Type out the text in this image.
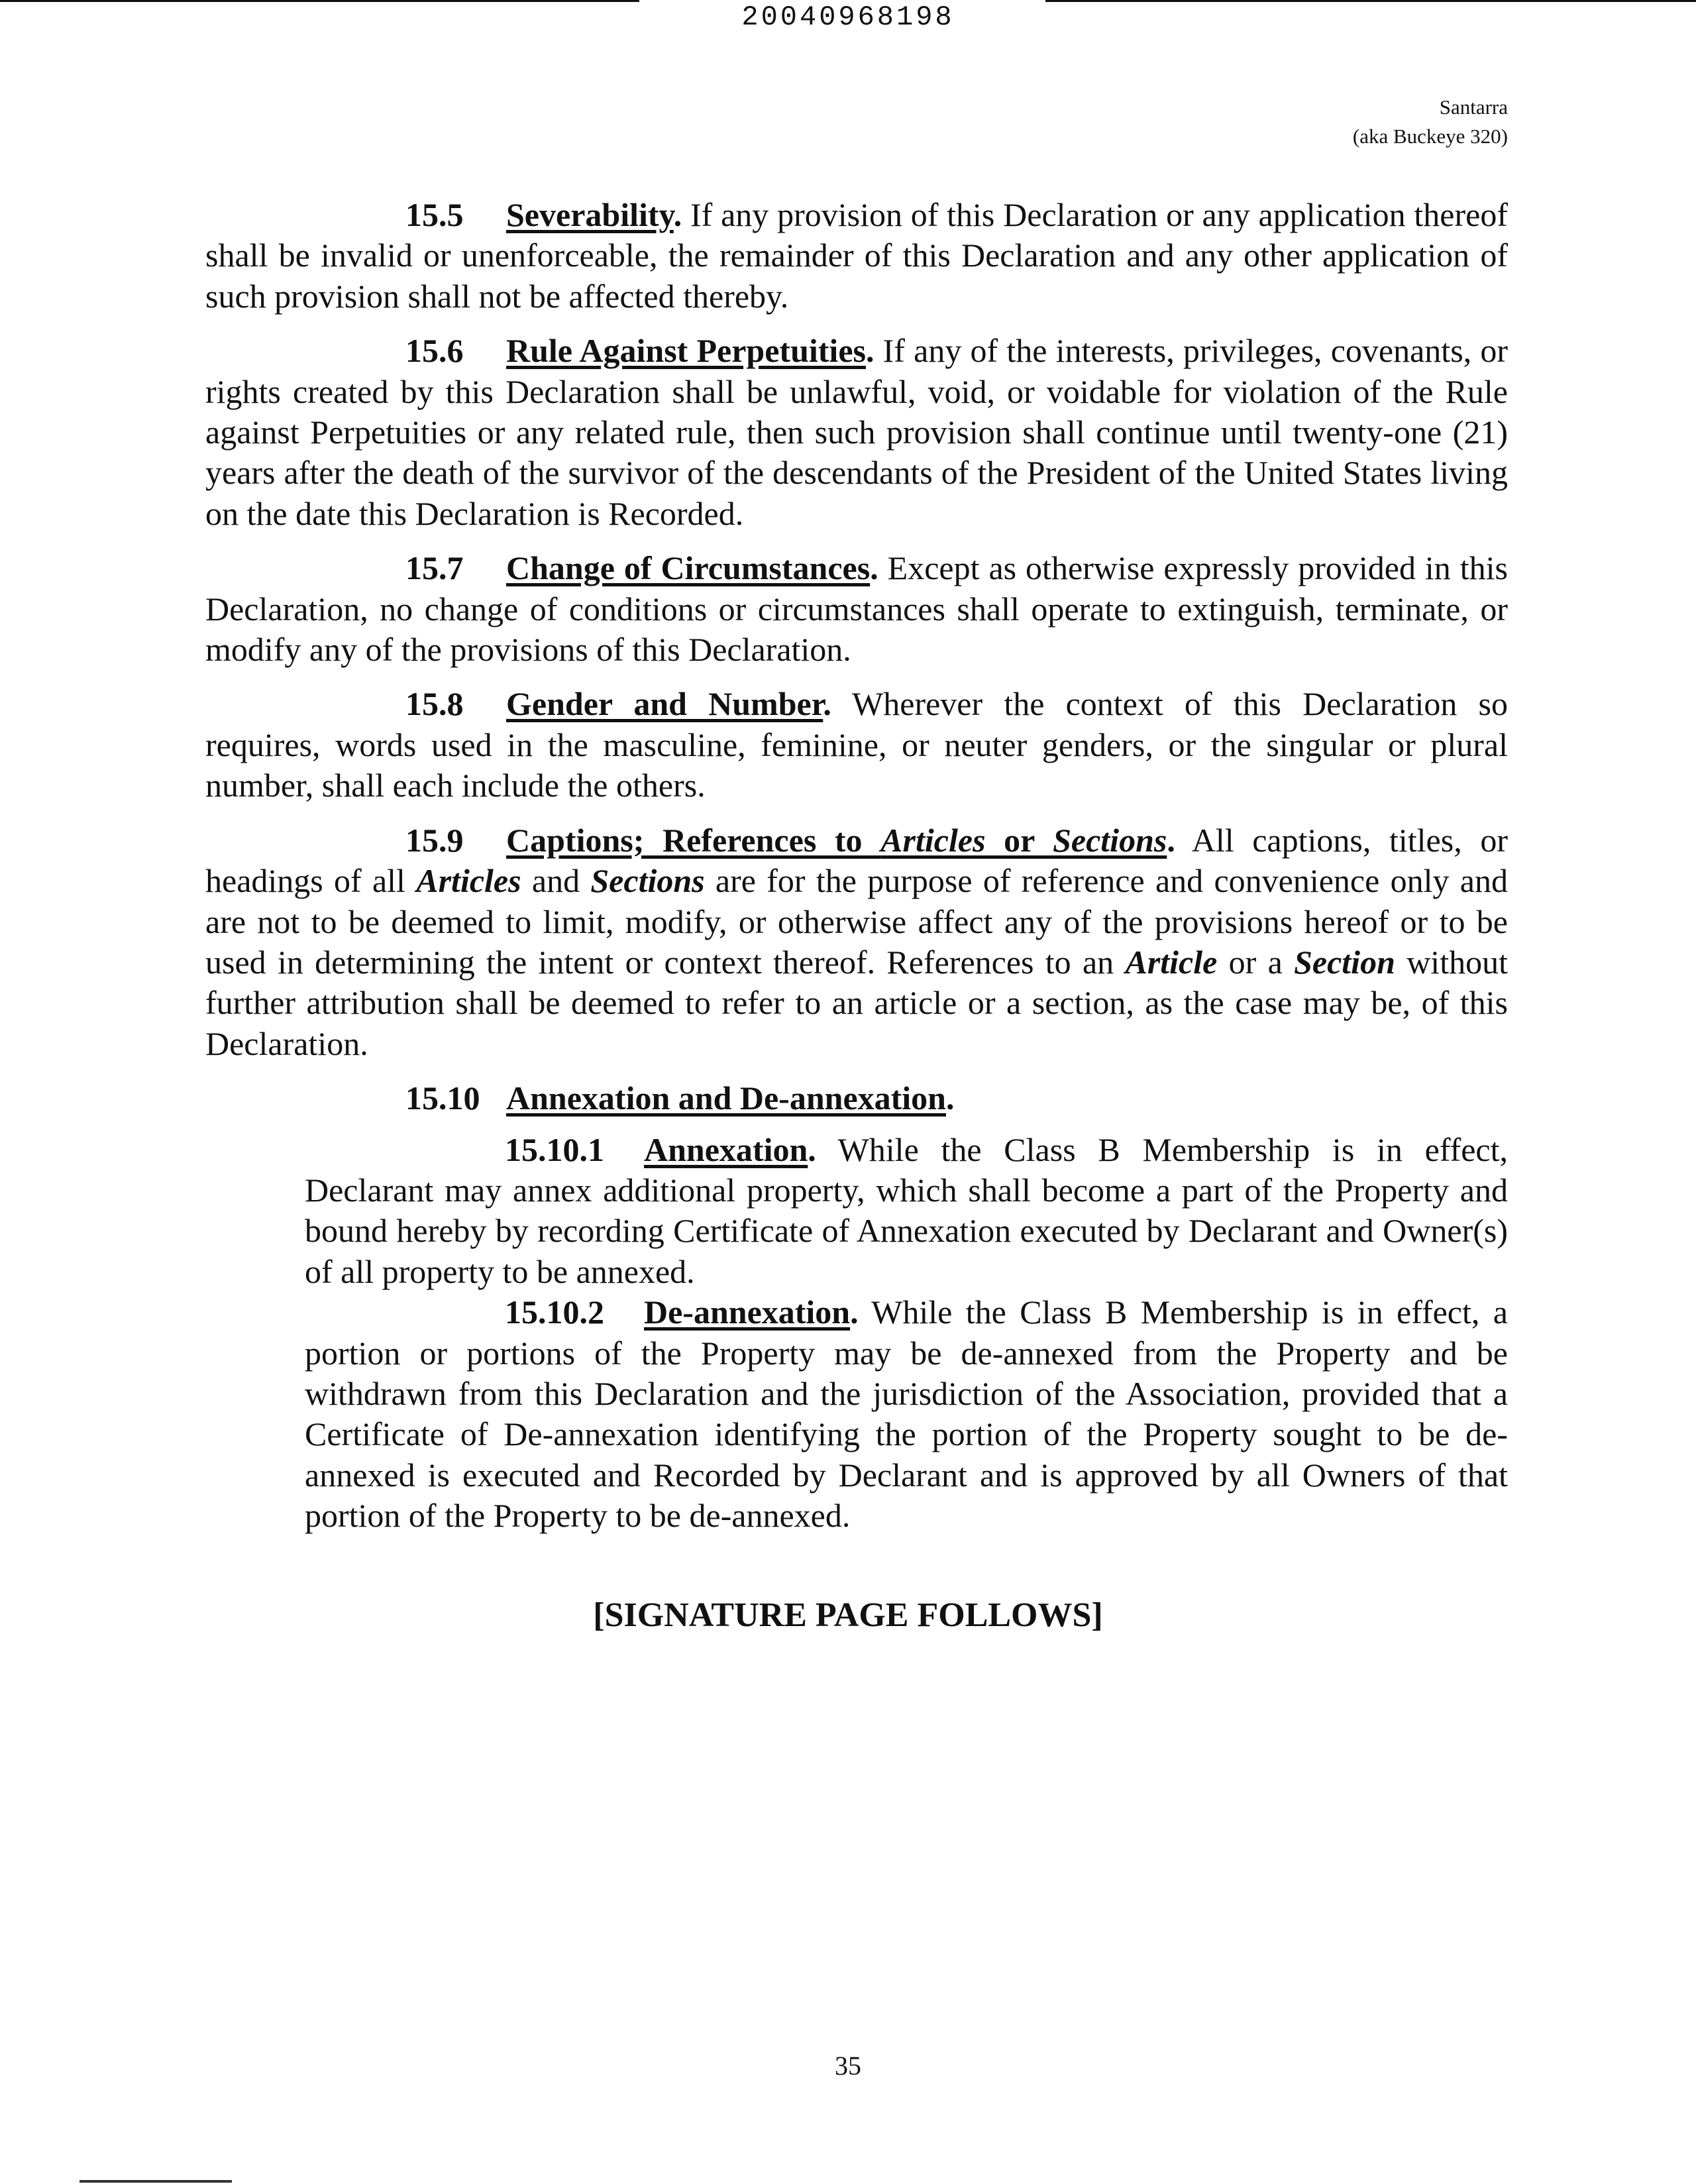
20040968198
Santarra
(aka Buckeye 320)

15.5 Severability. If any provision of this Declaration or any application thereof shall be invalid or unenforceable, the remainder of this Declaration and any other application of such provision shall not be affected thereby.

15.6 Rule Against Perpetuities. If any of the interests, privileges, covenants, or rights created by this Declaration shall be unlawful, void, or voidable for violation of the Rule against Perpetuities or any related rule, then such provision shall continue until twenty-one (21) years after the death of the survivor of the descendants of the President of the United States living on the date this Declaration is Recorded.

15.7 Change of Circumstances. Except as otherwise expressly provided in this Declaration, no change of conditions or circumstances shall operate to extinguish, terminate, or modify any of the provisions of this Declaration.

15.8 Gender and Number. Wherever the context of this Declaration so requires, words used in the masculine, feminine, or neuter genders, or the singular or plural number, shall each include the others.

15.9 Captions; References to Articles or Sections. All captions, titles, or headings of all Articles and Sections are for the purpose of reference and convenience only and are not to be deemed to limit, modify, or otherwise affect any of the provisions hereof or to be used in determining the intent or context thereof. References to an Article or a Section without further attribution shall be deemed to refer to an article or a section, as the case may be, of this Declaration.

15.10 Annexation and De-annexation.

15.10.1 Annexation. While the Class B Membership is in effect, Declarant may annex additional property, which shall become a part of the Property and bound hereby by recording Certificate of Annexation executed by Declarant and Owner(s) of all property to be annexed.

15.10.2 De-annexation. While the Class B Membership is in effect, a portion or portions of the Property may be de-annexed from the Property and be withdrawn from this Declaration and the jurisdiction of the Association, provided that a Certificate of De-annexation identifying the portion of the Property sought to be de-annexed is executed and Recorded by Declarant and is approved by all Owners of that portion of the Property to be de-annexed.

[SIGNATURE PAGE FOLLOWS]
35
